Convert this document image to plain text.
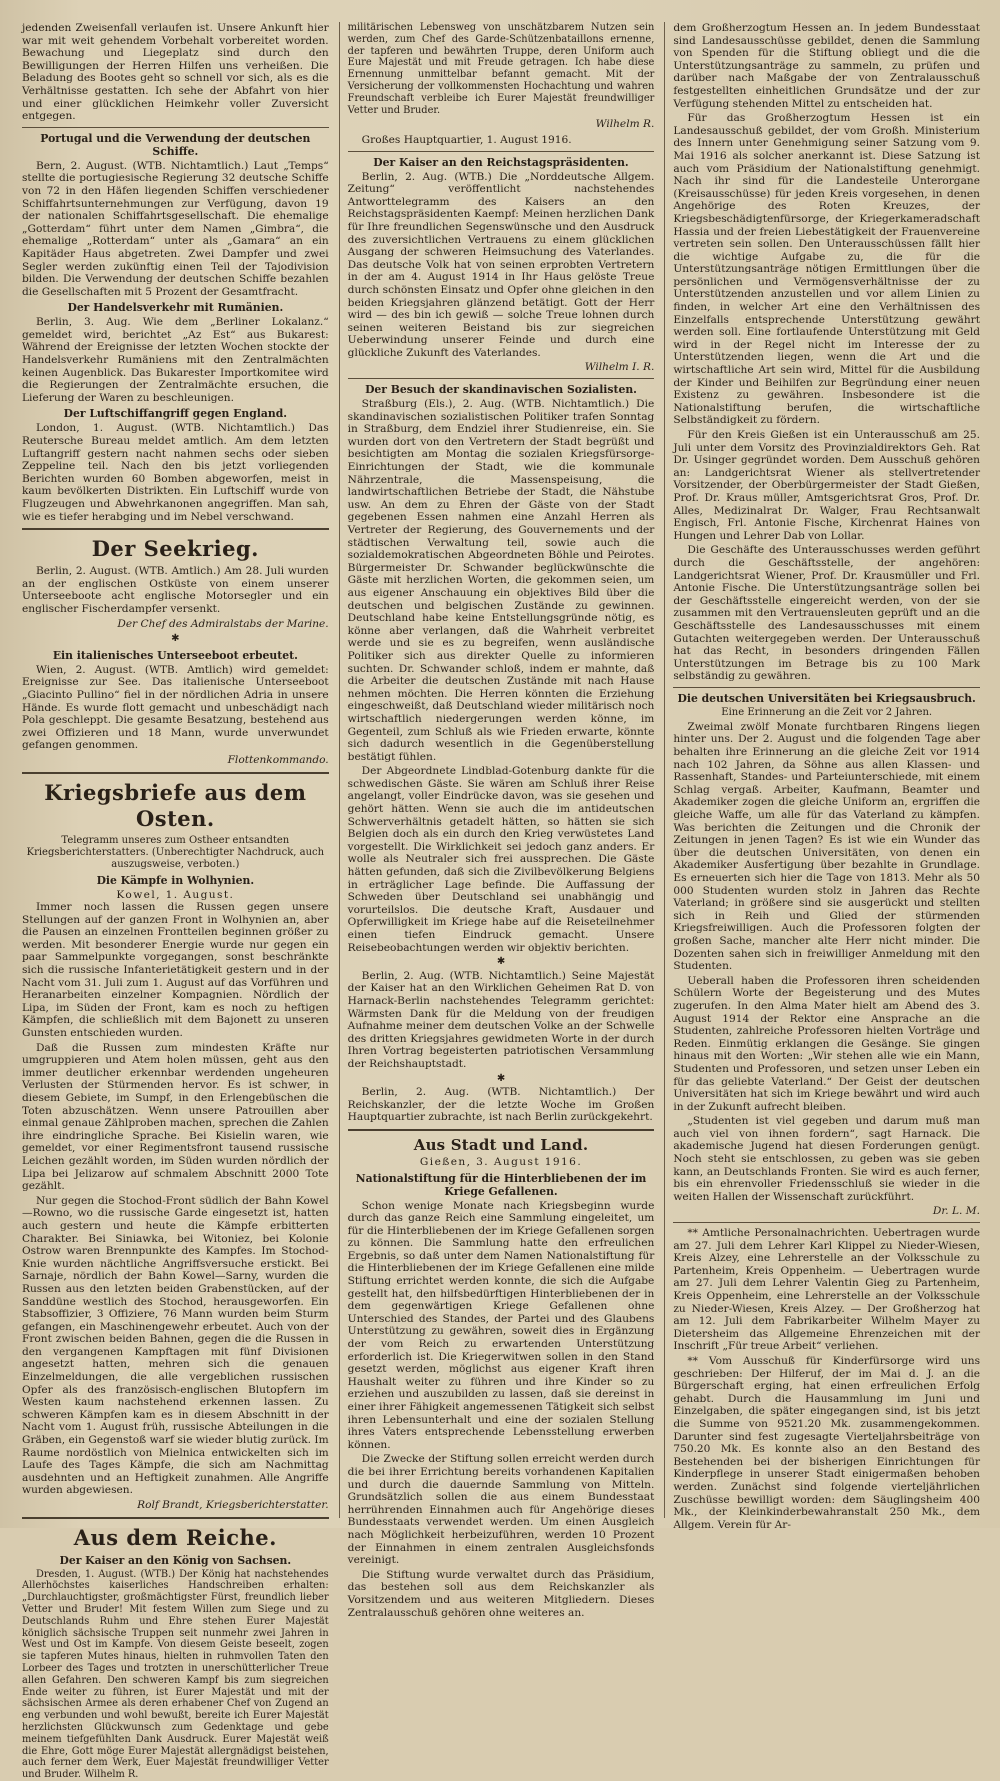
jedenden Zweisenfall verlaufen ist. Unsere Ankunft hier war mit weit gehendem Vorbehalt vorbereitet worden. Bewachung und Liegeplatz sind durch den Bewilligungen der Herren Hilfen uns verheißen. Die Beladung des Bootes geht so schnell vor sich, als es die Verhältnisse gestatten. Ich sehe der Abfahrt von hier und einer glücklichen Heimkehr voller Zuversicht entgegen.

Portugal und die Verwendung der deutschen Schiffe.

Bern, 2. August. (WTB. Nichtamtlich.) Laut „Temps“ stellte die portugiesische Regierung 32 deutsche Schiffe von 72 in den Häfen liegenden Schiffen verschiedener Schiffahrtsunternehmungen zur Verfügung, davon 19 der nationalen Schiffahrtsgesellschaft. Die ehemalige „Gotterdam“ führt unter dem Namen „Gimbra“, die ehemalige „Rotterdam“ unter als „Gamara“ an ein Kapitäder Haus abgetreten. Zwei Dampfer und zwei Segler werden zukünftig einen Teil der Tajodivision bilden. Die Verwendung der deutschen Schiffe bezahlen die Gesellschaften mit 5 Prozent der Gesamtfracht.

Der Handelsverkehr mit Rumänien.

Berlin, 3. Aug. Wie dem „Berliner Lokalanz.“ gemeldet wird, berichtet „Az Est“ aus Bukarest: Während der Ereignisse der letzten Wochen stockte der Handelsverkehr Rumäniens mit den Zentralmächten keinen Augenblick. Das Bukarester Importkomitee wird die Regierungen der Zentralmächte ersuchen, die Lieferung der Waren zu beschleunigen.

Der Luftschiffangriff gegen England.

London, 1. August. (WTB. Nichtamtlich.) Das Reutersche Bureau meldet amtlich. Am dem letzten Luftangriff gestern nacht nahmen sechs oder sieben Zeppeline teil. Nach den bis jetzt vorliegenden Berichten wurden 60 Bomben abgeworfen, meist in kaum bevölkerten Distrikten. Ein Luftschiff wurde von Flugzeugen und Abwehrkanonen angegriffen. Man sah, wie es tiefer herabging und im Nebel verschwand.

Der Seekrieg.

Berlin, 2. August. (WTB. Amtlich.) Am 28. Juli wurden an der englischen Ostküste von einem unserer Unterseeboote acht englische Motorsegler und ein englischer Fischerdampfer versenkt.

Der Chef des Admiralstabs der Marine.
✱
Ein italienisches Unterseeboot erbeutet.

Wien, 2. August. (WTB. Amtlich) wird gemeldet: Ereignisse zur See. Das italienische Unterseeboot „Giacinto Pullino“ fiel in der nördlichen Adria in unsere Hände. Es wurde flott gemacht und unbeschädigt nach Pola geschleppt. Die gesamte Besatzung, bestehend aus zwei Offizieren und 18 Mann, wurde unverwundet gefangen genommen.

Flottenkommando.
Kriegsbriefe aus dem Osten.
Telegramm unseres zum Ostheer entsandten Kriegsberichterstatters. (Unberechtigter Nachdruck, auch auszugsweise, verboten.)
Die Kämpfe in Wolhynien.
Kowel, 1. August.

Immer noch lassen die Russen gegen unsere Stellungen auf der ganzen Front in Wolhynien an, aber die Pausen an einzelnen Frontteilen beginnen größer zu werden. Mit besonderer Energie wurde nur gegen ein paar Sammelpunkte vorgegangen, sonst beschränkte sich die russische Infanterietätigkeit gestern und in der Nacht vom 31. Juli zum 1. August auf das Vorführen und Heranarbeiten einzelner Kompagnien. Nördlich der Lipa, im Süden der Front, kam es noch zu heftigen Kämpfen, die schließlich mit dem Bajonett zu unseren Gunsten entschieden wurden.

Daß die Russen zum mindesten Kräfte nur umgruppieren und Atem holen müssen, geht aus den immer deutlicher erkennbar werdenden ungeheuren Verlusten der Stürmenden hervor. Es ist schwer, in diesem Gebiete, im Sumpf, in den Erlengebüschen die Toten abzuschätzen. Wenn unsere Patrouillen aber einmal genaue Zählproben machen, sprechen die Zahlen ihre eindringliche Sprache. Bei Kisielin waren, wie gemeldet, vor einer Regimentsfront tausend russische Leichen gezählt worden, im Süden wurden nördlich der Lipa bei Jelizarow auf schmalem Abschnitt 2000 Tote gezählt.

Nur gegen die Stochod-Front südlich der Bahn Kowel—Rowno, wo die russische Garde eingesetzt ist, hatten auch gestern und heute die Kämpfe erbitterten Charakter. Bei Siniawka, bei Witoniez, bei Kolonie Ostrow waren Brennpunkte des Kampfes. Im Stochod-Knie wurden nächtliche Angriffsversuche erstickt. Bei Sarnaje, nördlich der Bahn Kowel—Sarny, wurden die Russen aus den letzten beiden Grabenstücken, auf der Sanddüne westlich des Stochod, herausgeworfen. Ein Stabsoffizier, 3 Offiziere, 76 Mann wurden beim Sturm gefangen, ein Maschinengewehr erbeutet. Auch von der Front zwischen beiden Bahnen, gegen die die Russen in den vergangenen Kampftagen mit fünf Divisionen angesetzt hatten, mehren sich die genauen Einzelmeldungen, die alle vergeblichen russischen Opfer als des französisch-englischen Blutopfern im Westen kaum nachstehend erkennen lassen. Zu schweren Kämpfen kam es in diesem Abschnitt in der Nacht vom 1. August früh, russische Abteilungen in die Gräben, ein Gegenstoß warf sie wieder blutig zurück. Im Raume nordöstlich von Mielnica entwickelten sich im Laufe des Tages Kämpfe, die sich am Nachmittag ausdehnten und an Heftigkeit zunahmen. Alle Angriffe wurden abgewiesen.

Rolf Brandt, Kriegsberichterstatter.
Aus dem Reiche.
Der Kaiser an den König von Sachsen.

Dresden, 1. August. (WTB.) Der König hat nachstehendes Allerhöchstes kaiserliches Handschreiben erhalten: „Durchlauchtigster, großmächtigster Fürst, freundlich lieber Vetter und Bruder! Mit festem Willen zum Siege und zu Deutschlands Ruhm und Ehre stehen Eurer Majestät königlich sächsische Truppen seit nunmehr zwei Jahren in West und Ost im Kampfe. Von diesem Geiste beseelt, zogen sie tapferen Mutes hinaus, hielten in ruhmvollen Taten den Lorbeer des Tages und trotzten in unerschütterlicher Treue allen Gefahren. Den schweren Kampf bis zum siegreichen Ende weiter zu führen, ist Eurer Majestät und mit der sächsischen Armee als deren erhabener Chef von Zugend an eng verbunden und wohl bewußt, bereite ich Eurer Majestät herzlichsten Glückwunsch zum Gedenktage und gebe meinem tiefgefühlten Dank Ausdruck. Eurer Majestät weiß die Ehre, Gott möge Eurer Majestät allergnädigst beistehen, auch ferner dem Werk, Euer Majestät freundwilliger Vetter und Bruder. Wilhelm R.

militärischen Lebensweg von unschätzbarem Nutzen sein werden, zum Chef des Garde-Schützenbataillons ernenne, der tapferen und bewährten Truppe, deren Uniform auch Eure Majestät und mit Freude getragen. Ich habe diese Ernennung unmittelbar befannt gemacht. Mit der Versicherung der vollkommensten Hochachtung und wahren Freundschaft verbleibe ich Eurer Majestät freundwilliger Vetter und Bruder.

Wilhelm R.

Großes Hauptquartier, 1. August 1916.

Der Kaiser an den Reichstagspräsidenten.

Berlin, 2. Aug. (WTB.) Die „Norddeutsche Allgem. Zeitung“ veröffentlicht nachstehendes Antworttelegramm des Kaisers an den Reichstagspräsidenten Kaempf: Meinen herzlichen Dank für Ihre freundlichen Segenswünsche und den Ausdruck des zuversichtlichen Vertrauens zu einem glücklichen Ausgang der schweren Heimsuchung des Vaterlandes. Das deutsche Volk hat von seinen erprobten Vertretern in der am 4. August 1914 in Ihr Haus gelöste Treue durch schönsten Einsatz und Opfer ohne gleichen in den beiden Kriegsjahren glänzend betätigt. Gott der Herr wird — des bin ich gewiß — solche Treue lohnen durch seinen weiteren Beistand bis zur siegreichen Ueberwindung unserer Feinde und durch eine glückliche Zukunft des Vaterlandes.

Wilhelm I. R.
Der Besuch der skandinavischen Sozialisten.

Straßburg (Els.), 2. Aug. (WTB. Nichtamtlich.) Die skandinavischen sozialistischen Politiker trafen Sonntag in Straßburg, dem Endziel ihrer Studienreise, ein. Sie wurden dort von den Vertretern der Stadt begrüßt und besichtigten am Montag die sozialen Kriegsfürsorge-Einrichtungen der Stadt, wie die kommunale Nährzentrale, die Massenspeisung, die landwirtschaftlichen Betriebe der Stadt, die Nähstube usw. An dem zu Ehren der Gäste von der Stadt gegebenen Essen nahmen eine Anzahl Herren als Vertreter der Regierung, des Gouvernements und der städtischen Verwaltung teil, sowie auch die sozialdemokratischen Abgeordneten Böhle und Peirotes. Bürgermeister Dr. Schwander beglückwünschte die Gäste mit herzlichen Worten, die gekommen seien, um aus eigener Anschauung ein objektives Bild über die deutschen und belgischen Zustände zu gewinnen. Deutschland habe keine Entstellungsgründe nötig, es könne aber verlangen, daß die Wahrheit verbreitet werde und sie es zu begreifen, wenn ausländische Politiker sich aus direkter Quelle zu informieren suchten. Dr. Schwander schloß, indem er mahnte, daß die Arbeiter die deutschen Zustände mit nach Hause nehmen möchten. Die Herren könnten die Erziehung eingeschweißt, daß Deutschland wieder militärisch noch wirtschaftlich niedergerungen werden könne, im Gegenteil, zum Schluß als wie Frieden erwarte, könnte sich dadurch wesentlich in die Gegenüberstellung bestätigt fühlen.

Der Abgeordnete Lindblad-Gotenburg dankte für die schwedischen Gäste. Sie wären am Schluß ihrer Reise angelangt, voller Eindrücke davon, was sie gesehen und gehört hätten. Wenn sie auch die im antideutschen Schwerverhältnis getadelt hätten, so hätten sie sich Belgien doch als ein durch den Krieg verwüstetes Land vorgestellt. Die Wirklichkeit sei jedoch ganz anders. Er wolle als Neutraler sich frei aussprechen. Die Gäste hätten gefunden, daß sich die Zivilbevölkerung Belgiens in erträglicher Lage befinde. Die Auffassung der Schweden über Deutschland sei unabhängig und vorurteilslos. Die deutsche Kraft, Ausdauer und Opferwilligkeit im Kriege habe auf die Reiseteilnehmer einen tiefen Eindruck gemacht. Unsere Reisebeobachtungen werden wir objektiv berichten.

✱

Berlin, 2. Aug. (WTB. Nichtamtlich.) Seine Majestät der Kaiser hat an den Wirklichen Geheimen Rat D. von Harnack-Berlin nachstehendes Telegramm gerichtet: Wärmsten Dank für die Meldung von der freudigen Aufnahme meiner dem deutschen Volke an der Schwelle des dritten Kriegsjahres gewidmeten Worte in der durch Ihren Vortrag begeisterten patriotischen Versammlung der Reichshauptstadt.

✱

Berlin, 2. Aug. (WTB. Nichtamtlich.) Der Reichskanzler, der die letzte Woche im Großen Hauptquartier zubrachte, ist nach Berlin zurückgekehrt.

Aus Stadt und Land.
Gießen, 3. August 1916.
Nationalstiftung für die Hinterbliebenen der im Kriege Gefallenen.

Schon wenige Monate nach Kriegsbeginn wurde durch das ganze Reich eine Sammlung eingeleitet, um für die Hinterbliebenen der im Kriege Gefallenen sorgen zu können. Die Sammlung hatte den erfreulichen Ergebnis, so daß unter dem Namen Nationalstiftung für die Hinterbliebenen der im Kriege Gefallenen eine milde Stiftung errichtet werden konnte, die sich die Aufgabe gestellt hat, den hilfsbedürftigen Hinterbliebenen der in dem gegenwärtigen Kriege Gefallenen ohne Unterschied des Standes, der Partei und des Glaubens Unterstützung zu gewähren, soweit dies in Ergänzung der vom Reich zu erwartenden Unterstützung erforderlich ist. Die Kriegerwitwen sollen in den Stand gesetzt werden, möglichst aus eigener Kraft ihren Haushalt weiter zu führen und ihre Kinder so zu erziehen und auszubilden zu lassen, daß sie dereinst in einer ihrer Fähigkeit angemessenen Tätigkeit sich selbst ihren Lebensunterhalt und eine der sozialen Stellung ihres Vaters entsprechende Lebensstellung erwerben können.

Die Zwecke der Stiftung sollen erreicht werden durch die bei ihrer Errichtung bereits vorhandenen Kapitalien und durch die dauernde Sammlung von Mitteln. Grundsätzlich sollen die aus einem Bundesstaat herrührenden Einnahmen auch für Angehörige dieses Bundesstaats verwendet werden. Um einen Ausgleich nach Möglichkeit herbeizuführen, werden 10 Prozent der Einnahmen in einem zentralen Ausgleichsfonds vereinigt.

Die Stiftung wurde verwaltet durch das Präsidium, das bestehen soll aus dem Reichskanzler als Vorsitzendem und aus weiteren Mitgliedern. Dieses Zentralausschuß gehören ohne weiteres an.

dem Großherzogtum Hessen an. In jedem Bundesstaat sind Landesausschüsse gebildet, denen die Sammlung von Spenden für die Stiftung obliegt und die die Unterstützungsanträge zu sammeln, zu prüfen und darüber nach Maßgabe der von Zentralausschuß festgestellten einheitlichen Grundsätze und der zur Verfügung stehenden Mittel zu entscheiden hat.

Für das Großherzogtum Hessen ist ein Landesausschuß gebildet, der vom Großh. Ministerium des Innern unter Genehmigung seiner Satzung vom 9. Mai 1916 als solcher anerkannt ist. Diese Satzung ist auch vom Präsidium der Nationalstiftung genehmigt. Nach ihr sind für die Landesteile Unterorgane (Kreisausschüsse) für jeden Kreis vorgesehen, in denen Angehörige des Roten Kreuzes, der Kriegsbeschädigtenfürsorge, der Kriegerkameradschaft Hassia und der freien Liebestätigkeit der Frauenvereine vertreten sein sollen. Den Unterausschüssen fällt hier die wichtige Aufgabe zu, die für die Unterstützungsanträge nötigen Ermittlungen über die persönlichen und Vermögensverhältnisse der zu Unterstützenden anzustellen und vor allem Linien zu finden, in welcher Art eine den Verhältnissen des Einzelfalls entsprechende Unterstützung gewährt werden soll. Eine fortlaufende Unterstützung mit Geld wird in der Regel nicht im Interesse der zu Unterstützenden liegen, wenn die Art und die wirtschaftliche Art sein wird, Mittel für die Ausbildung der Kinder und Beihilfen zur Begründung einer neuen Existenz zu gewähren. Insbesondere ist die Nationalstiftung berufen, die wirtschaftliche Selbständigkeit zu fördern.

Für den Kreis Gießen ist ein Unterausschuß am 25. Juli unter dem Vorsitz des Provinzialdirektors Geh. Rat Dr. Usinger gegründet worden. Dem Ausschuß gehören an: Landgerichtsrat Wiener als stellvertretender Vorsitzender, der Oberbürgermeister der Stadt Gießen, Prof. Dr. Kraus müller, Amtsgerichtsrat Gros, Prof. Dr. Alles, Medizinalrat Dr. Walger, Frau Rechtsanwalt Engisch, Frl. Antonie Fische, Kirchenrat Haines von Hungen und Lehrer Dab von Lollar.

Die Geschäfte des Unterausschusses werden geführt durch die Geschäftsstelle, der angehören: Landgerichtsrat Wiener, Prof. Dr. Krausmüller und Frl. Antonie Fische. Die Unterstützungsanträge sollen bei der Geschäftsstelle eingereicht werden, von der sie zusammen mit den Vertrauensleuten geprüft und an die Geschäftsstelle des Landesausschusses mit einem Gutachten weitergegeben werden. Der Unterausschuß hat das Recht, in besonders dringenden Fällen Unterstützungen im Betrage bis zu 100 Mark selbständig zu gewähren.

Die deutschen Universitäten bei Kriegsausbruch.
Eine Erinnerung an die Zeit vor 2 Jahren.

Zweimal zwölf Monate furchtbaren Ringens liegen hinter uns. Der 2. August und die folgenden Tage aber behalten ihre Erinnerung an die gleiche Zeit vor 1914 nach 102 Jahren, da Söhne aus allen Klassen- und Rassenhaft, Standes- und Parteiunterschiede, mit einem Schlag vergaß. Arbeiter, Kaufmann, Beamter und Akademiker zogen die gleiche Uniform an, ergriffen die gleiche Waffe, um alle für das Vaterland zu kämpfen. Was berichten die Zeitungen und die Chronik der Zeitungen in jenen Tagen? Es ist wie ein Wunder das über die deutschen Universitäten, von denen ein Akademiker Ausfertigung über bezahlte in Grundlage. Es erneuerten sich hier die Tage von 1813. Mehr als 50 000 Studenten wurden stolz in Jahren das Rechte Vaterland; in größere sind sie ausgerückt und stellten sich in Reih und Glied der stürmenden Kriegsfreiwilligen. Auch die Professoren folgten der großen Sache, mancher alte Herr nicht minder. Die Dozenten sahen sich in freiwilliger Anmeldung mit den Studenten.

Ueberall haben die Professoren ihren scheidenden Schülern Worte der Begeisterung und des Mutes zugerufen. In den Alma Mater hielt am Abend des 3. August 1914 der Rektor eine Ansprache an die Studenten, zahlreiche Professoren hielten Vorträge und Reden. Einmütig erklangen die Gesänge. Sie gingen hinaus mit den Worten: „Wir stehen alle wie ein Mann, Studenten und Professoren, und setzen unser Leben ein für das geliebte Vaterland.“ Der Geist der deutschen Universitäten hat sich im Kriege bewährt und wird auch in der Zukunft aufrecht bleiben.

„Studenten ist viel gegeben und darum muß man auch viel von ihnen fordern“, sagt Harnack. Die akademische Jugend hat diesen Forderungen genügt. Noch steht sie entschlossen, zu geben was sie geben kann, an Deutschlands Fronten. Sie wird es auch ferner, bis ein ehrenvoller Friedensschluß sie wieder in die weiten Hallen der Wissenschaft zurückführt.

Dr. L. M.

** Amtliche Personalnachrichten. Uebertragen wurde am 27. Juli dem Lehrer Karl Klippel zu Nieder-Wiesen, Kreis Alzey, eine Lehrerstelle an der Volksschule zu Partenheim, Kreis Oppenheim. — Uebertragen wurde am 27. Juli dem Lehrer Valentin Gieg zu Partenheim, Kreis Oppenheim, eine Lehrerstelle an der Volksschule zu Nieder-Wiesen, Kreis Alzey. — Der Großherzog hat am 12. Juli dem Fabrikarbeiter Wilhelm Mayer zu Dietersheim das Allgemeine Ehrenzeichen mit der Inschrift „Für treue Arbeit“ verliehen.

** Vom Ausschuß für Kinderfürsorge wird uns geschrieben: Der Hilferuf, der im Mai d. J. an die Bürgerschaft erging, hat einen erfreulichen Erfolg gehabt. Durch die Hausammlung im Juni und Einzelgaben, die später eingegangen sind, ist bis jetzt die Summe von 9521.20 Mk. zusammengekommen. Darunter sind fest zugesagte Vierteljahrsbeiträge von 750.20 Mk. Es konnte also an den Bestand des Bestehenden bei der bisherigen Einrichtungen für Kinderpflege in unserer Stadt einigermaßen behoben werden. Zunächst sind folgende vierteljährlichen Zuschüsse bewilligt worden: dem Säuglingsheim 400 Mk., der Kleinkinderbewahranstalt 250 Mk., dem Allgem. Verein für Ar-
